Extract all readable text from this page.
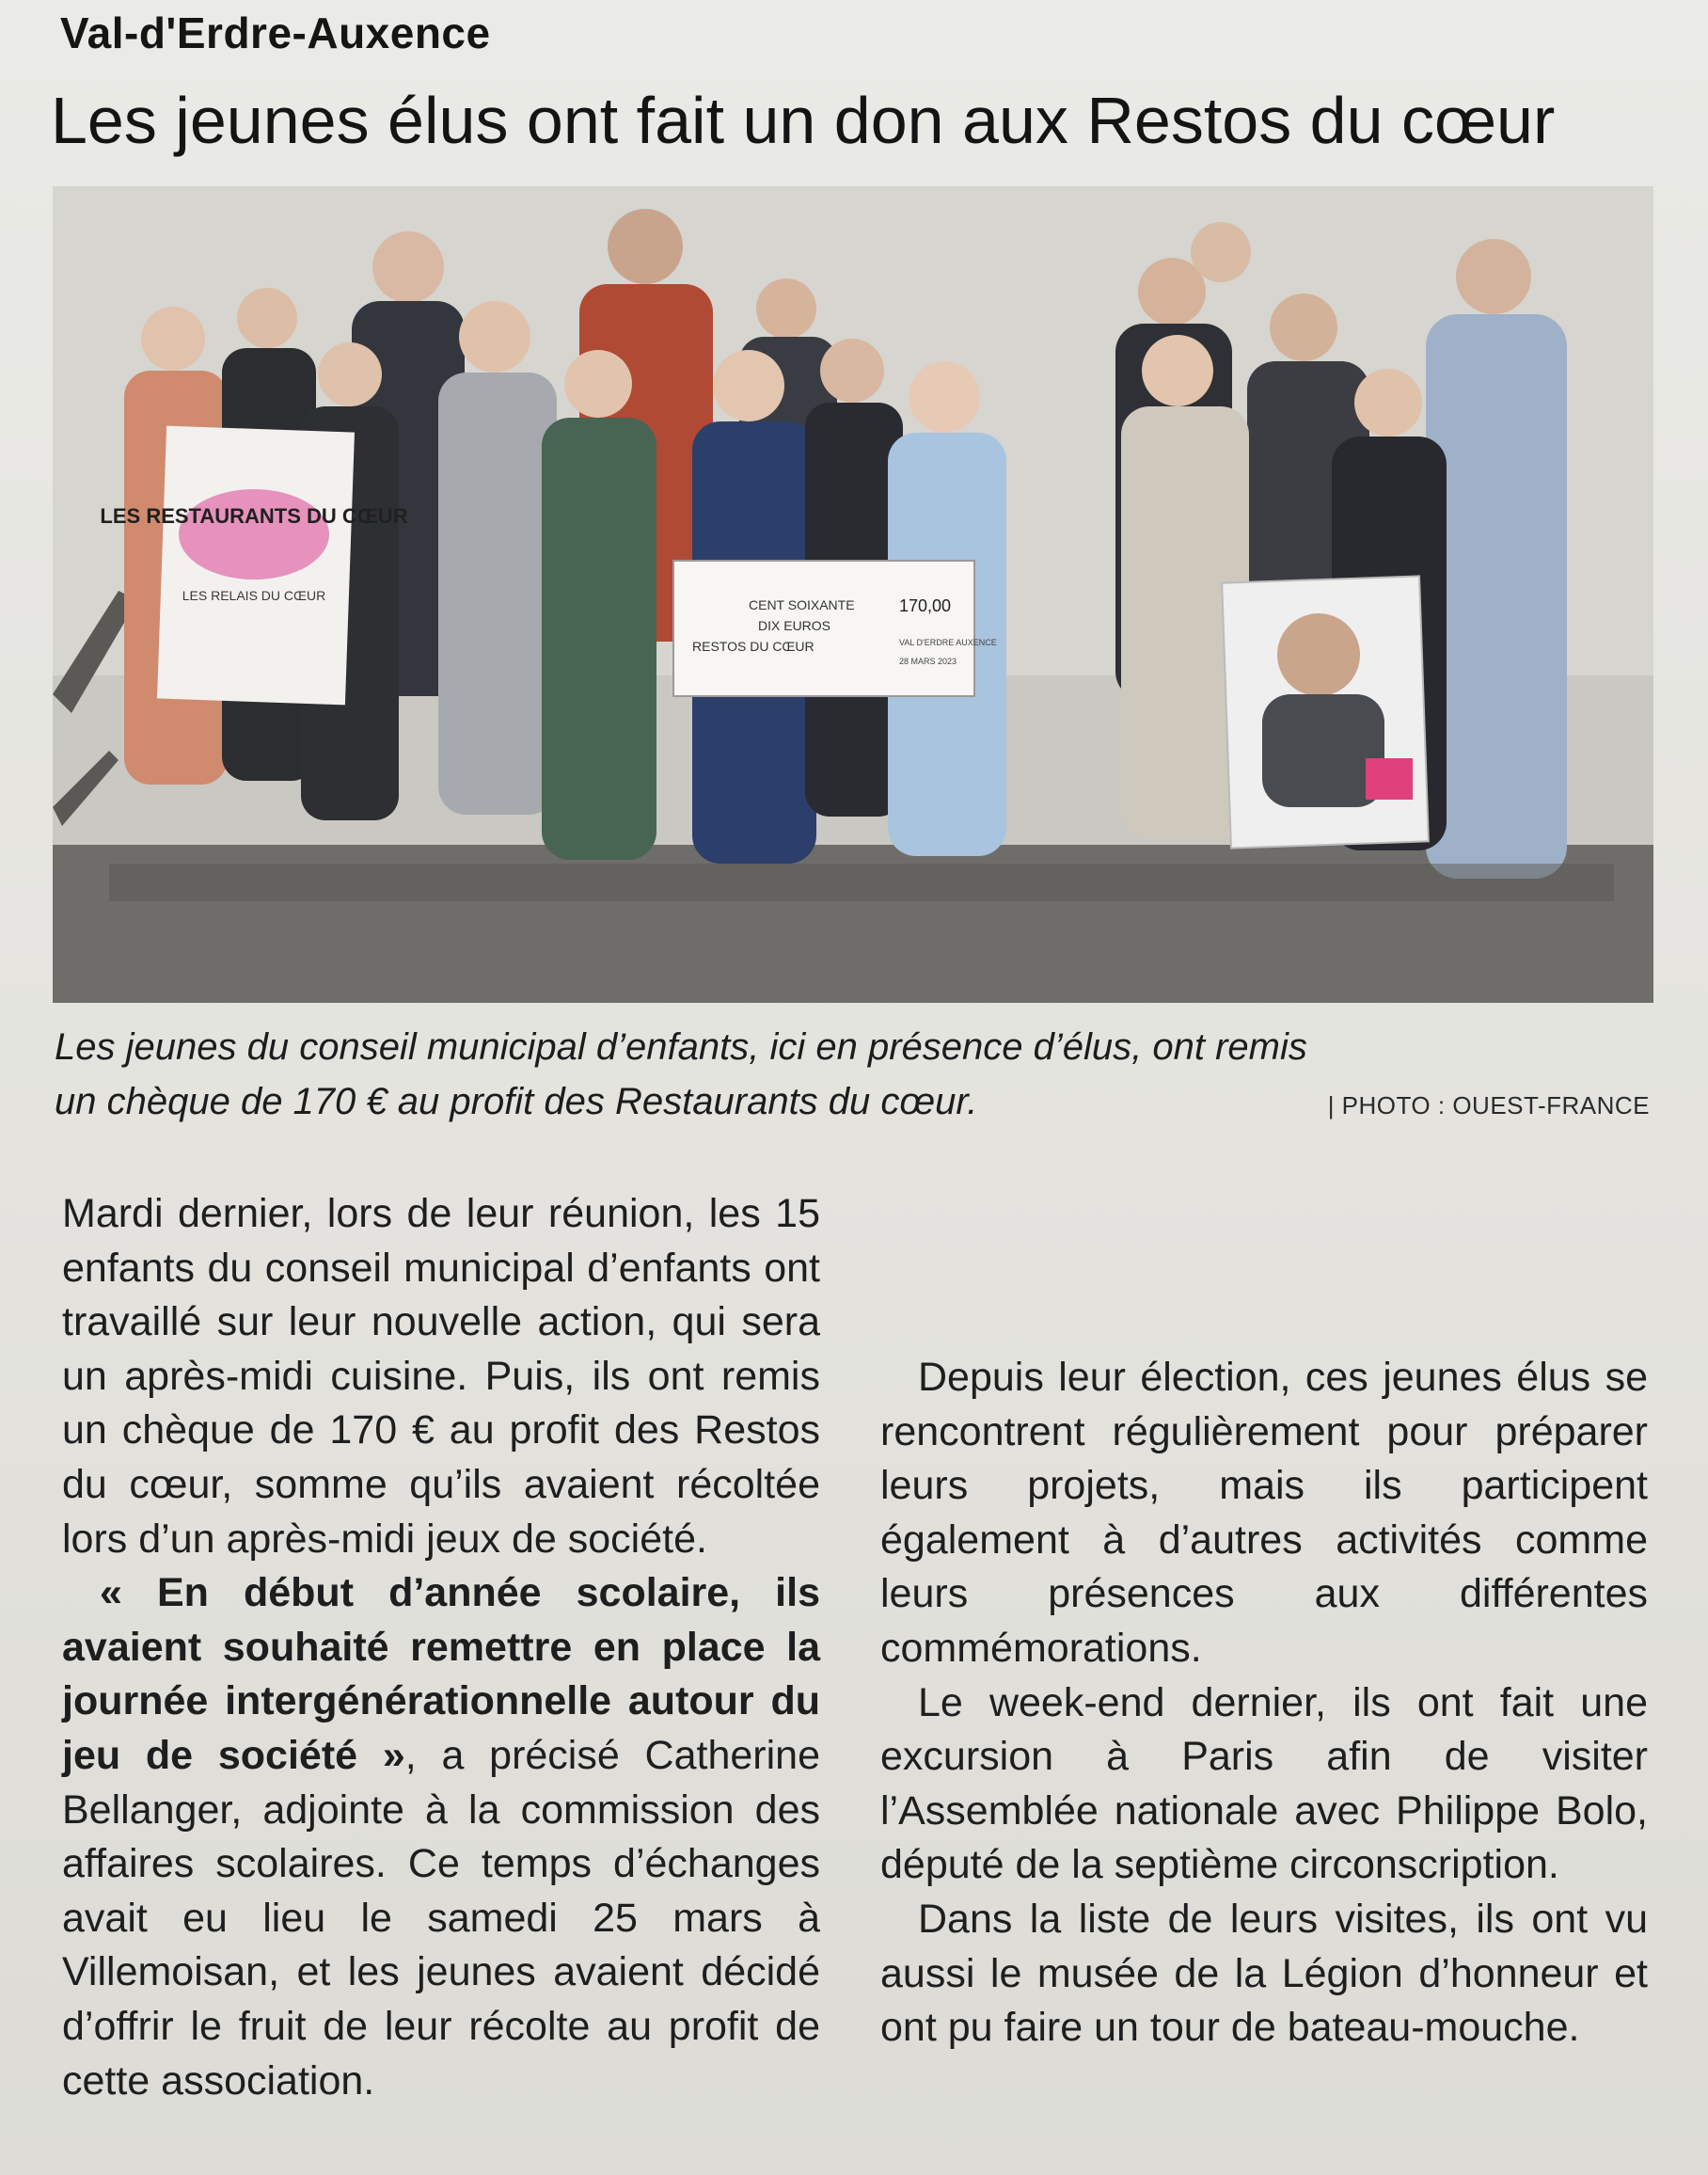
Val-d'Erdre-Auxence
Les jeunes élus ont fait un don aux Restos du cœur
LES RESTAURANTS DU CŒUR
LES RELAIS DU CŒUR
CENT SOIXANTE
DIX EUROS
RESTOS DU CŒUR
170,00
VAL D'ERDRE AUXENCE
28 MARS 2023
Les jeunes du conseil municipal d’enfants, ici en présence d’élus, ont remis
un chèque de 170 € au profit des Restaurants du cœur.	| PHOTO : OUEST-FRANCE

Mardi dernier, lors de leur réunion, les 15 enfants du conseil municipal d’enfants ont travaillé sur leur nouvelle action, qui sera un après-midi cuisine. Puis, ils ont remis un chèque de 170 € au profit des Restos du cœur, somme qu’ils avaient récoltée lors d’un après-midi jeux de société.

« En début d’année scolaire, ils avaient souhaité remettre en place la journée intergénérationnelle autour du jeu de société », a précisé Catherine Bellanger, adjointe à la commission des affaires scolaires. Ce temps d’échanges avait eu lieu le samedi 25 mars à Villemoisan, et les jeunes avaient décidé d’offrir le fruit de leur récolte au profit de cette association.

Depuis leur élection, ces jeunes élus se rencontrent régulièrement pour préparer leurs projets, mais ils participent également à d’autres activités comme leurs présences aux différentes commémorations.

Le week-end dernier, ils ont fait une excursion à Paris afin de visiter l’Assemblée nationale avec Philippe Bolo, député de la septième circonscription.

Dans la liste de leurs visites, ils ont vu aussi le musée de la Légion d’honneur et ont pu faire un tour de bateau-mouche.
